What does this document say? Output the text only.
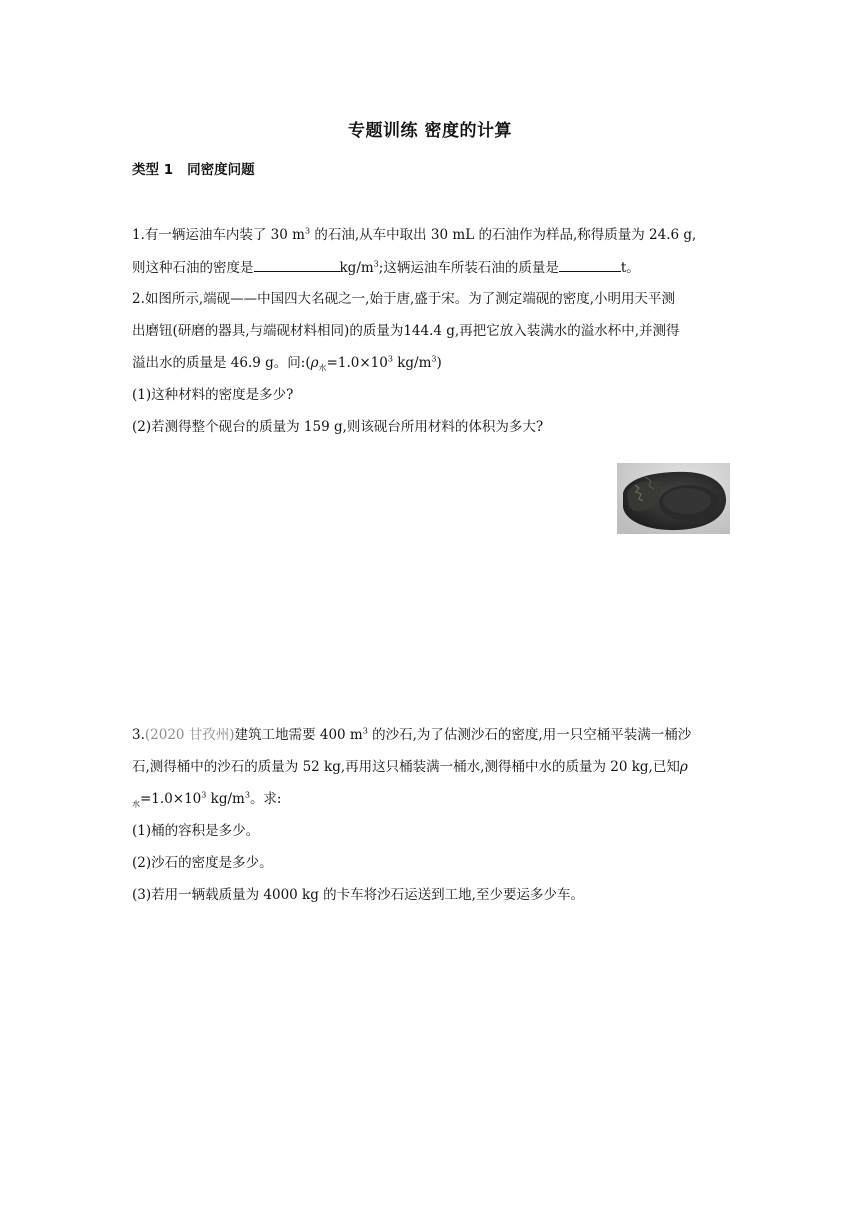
专题训练 密度的计算
类型 1 同密度问题
1.有一辆运油车内装了 30 $m^3$ 的石油,从车中取出 30 mL 的石油作为样品,称得质量为 24.6 g,
则这种石油的密度是	$kg/m^3$;这辆运油车所装石油的质量是	t。
2.如图所示,端砚——中国四大名砚之一,始于唐,盛于宋。为了测定端砚的密度,小明用天平测
出磨钮(研磨的器具,与端砚材料相同)的质量为144.4 g,再把它放入装满水的溢水杯中,并测得
溢出水的质量是 46.9 g。问$:(\rho_水=1.0\times 10^3$ $kg/m^3$)
(1)这种材料的密度是多少?
(2)若测得整个砚台的质量为 159 g,则该砚台所用材料的体积为多大?
3.(2020 甘孜州)建筑工地需要 400 $m^3$ 的沙石,为了估测沙石的密度,用一只空桶平装满一桶沙
石,测得桶中的沙石的质量为 52 kg,再用这只桶装满一桶水,测得桶中水的质量为 20 kg,已知ρ
$_水=1.0\times 10^3$ $kg/m^3$。求:
(1)桶的容积是多少。
(2)沙石的密度是多少。
(3)若用一辆载质量为 4000 kg 的卡车将沙石运送到工地,至少要运多少车。
